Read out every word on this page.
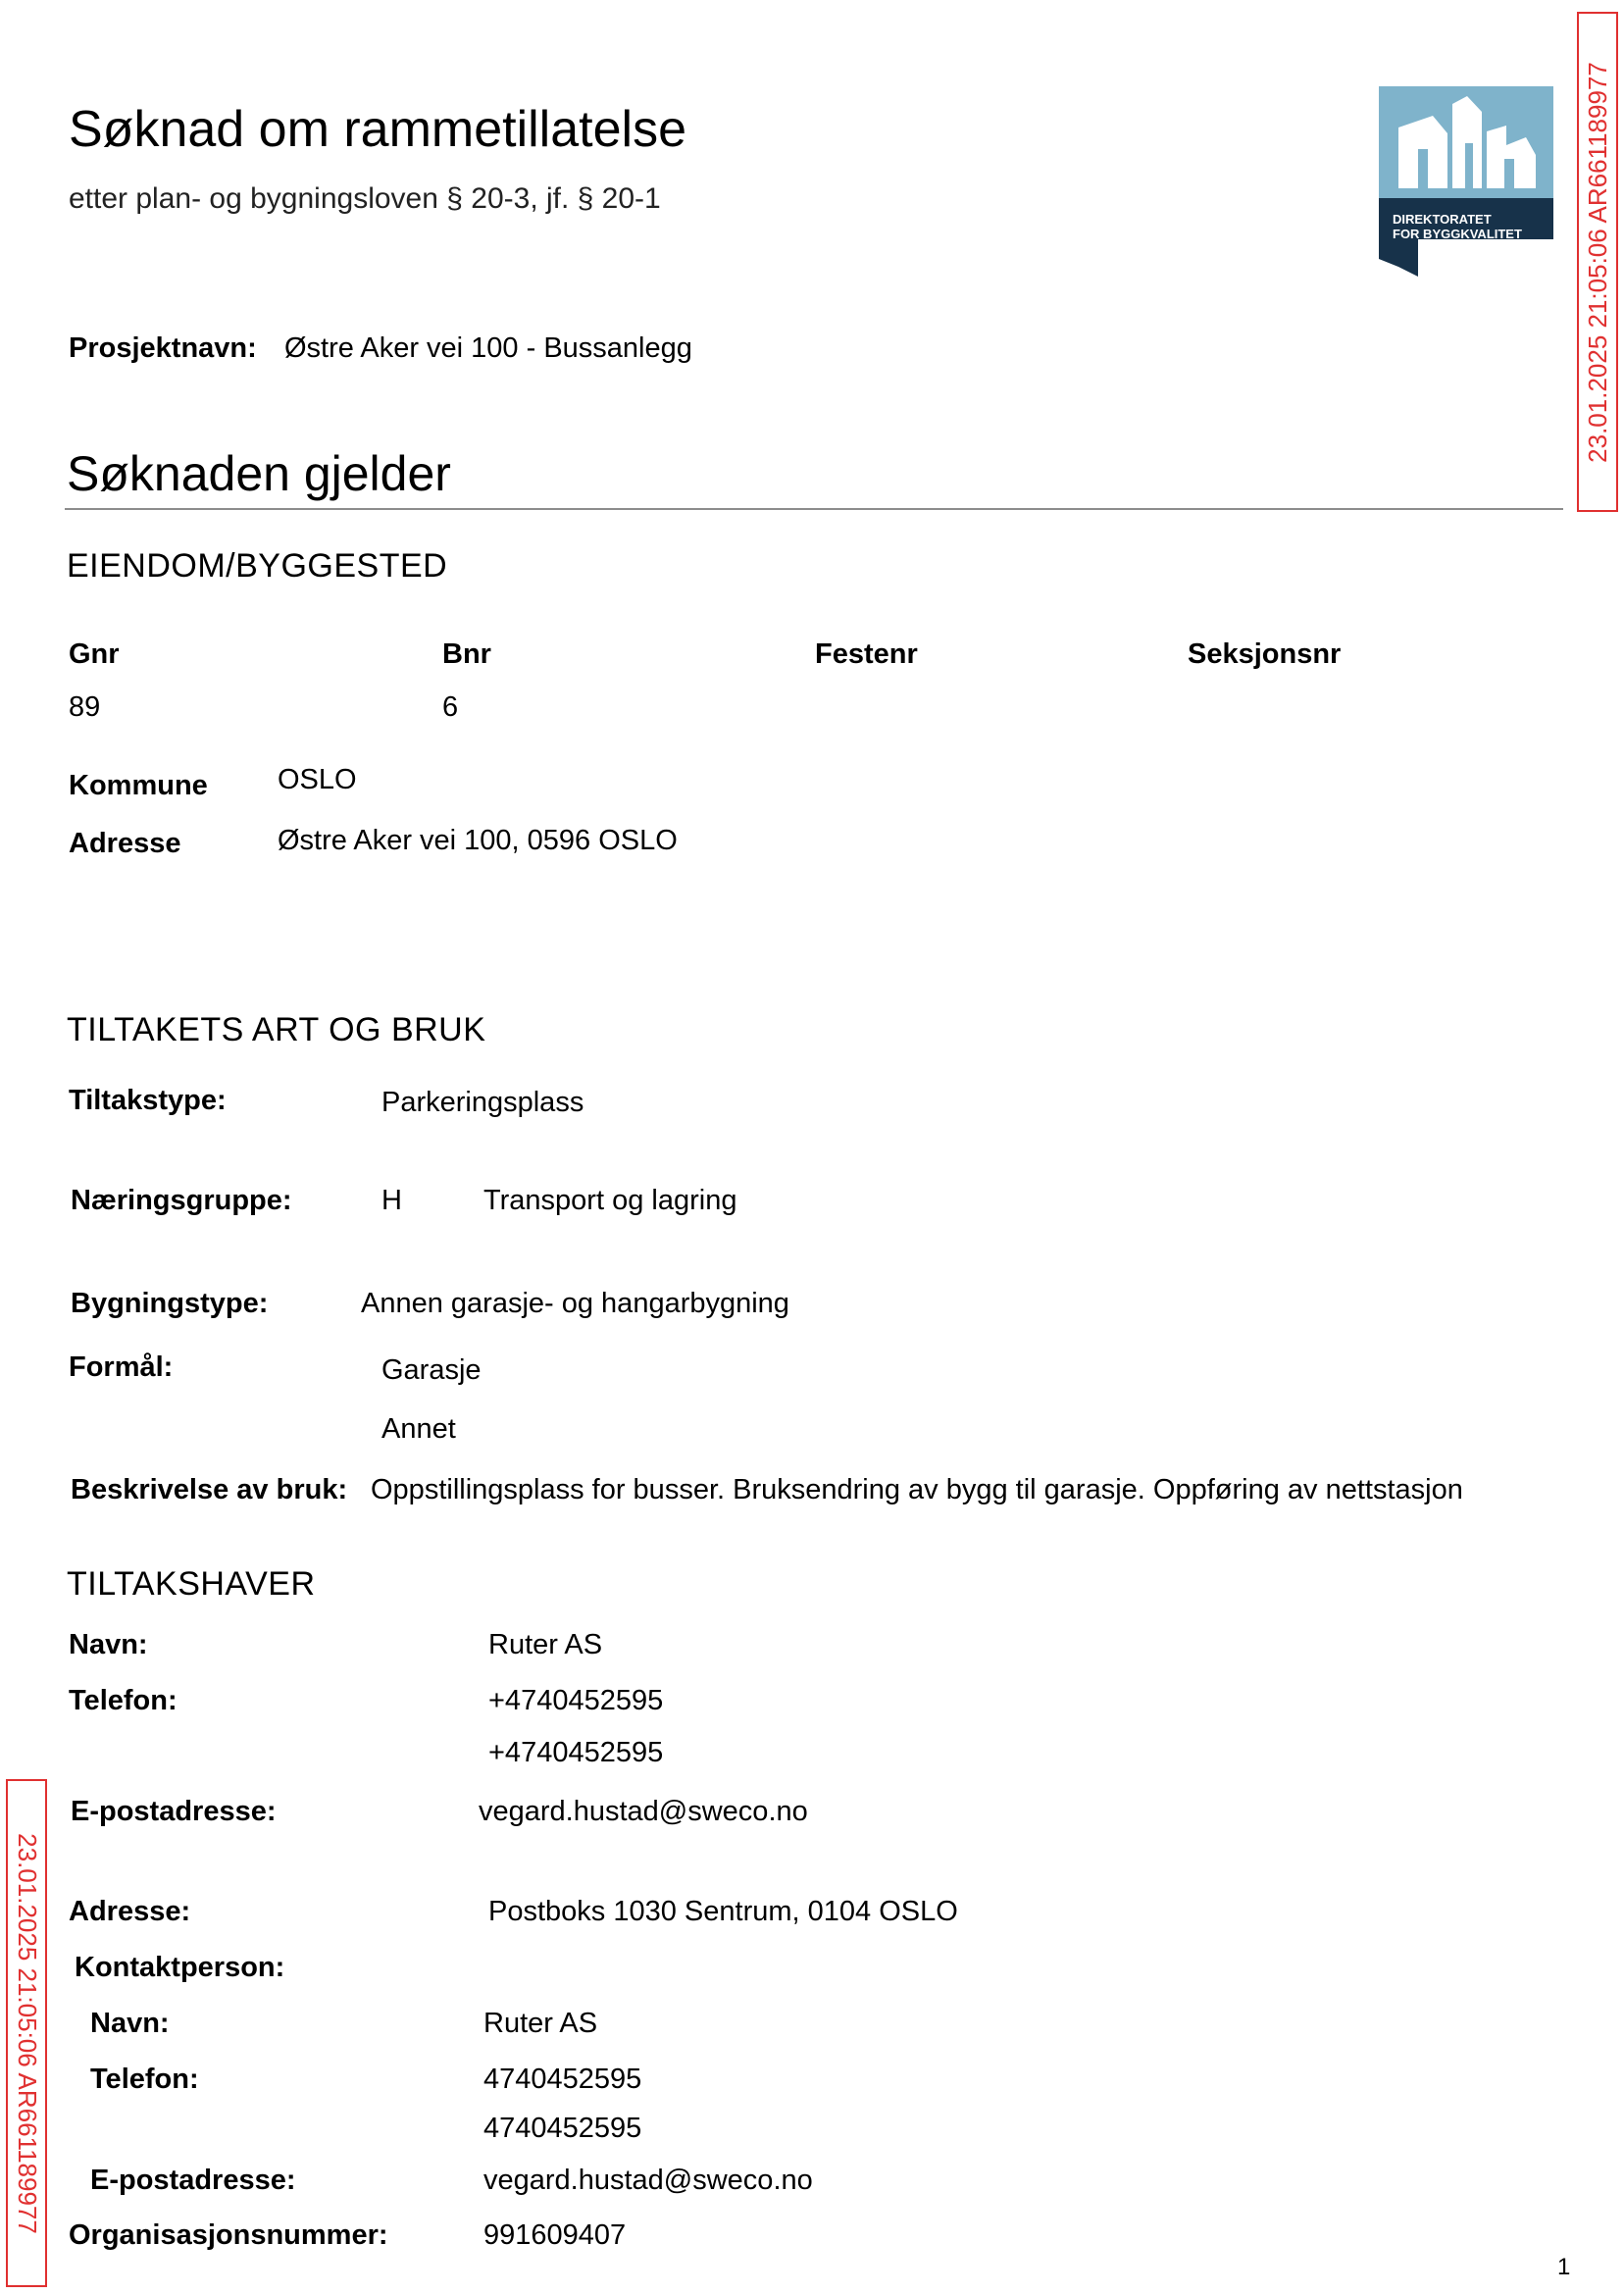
Søknad om rammetillatelse
etter plan- og bygningsloven § 20-3, jf. § 20-1
DIREKTORATET
FOR BYGGKVALITET
Prosjektnavn: Østre Aker vei 100 - Bussanlegg
Søknaden gjelder
EIENDOM/BYGGESTED
Gnr	Bnr	Festenr	Seksjonsnr
89	6
Kommune OSLO
Adresse	Østre Aker vei 100, 0596 OSLO
TILTAKETS ART OG BRUK
Tiltakstype:	Parkeringsplass
Næringsgruppe:	H	Transport og lagring
Bygningstype:	Annen garasje- og hangarbygning
Formål:	Garasje
Annet
Beskrivelse av bruk: Oppstillingsplass for busser. Bruksendring av bygg til garasje. Oppføring av nettstasjon
TILTAKSHAVER
Navn:	Ruter AS
Telefon:	+4740452595
+4740452595
E-postadresse:	vegard.hustad@sweco.no
Adresse:	Postboks 1030 Sentrum, 0104 OSLO
Kontaktperson:
Navn:	Ruter AS
Telefon:	4740452595
4740452595
E-postadresse:	vegard.hustad@sweco.no
Organisasjonsnummer:	991609407
1
23.01.2025 21:05:06 AR661189977
23.01.2025 21:05:06 AR661189977
